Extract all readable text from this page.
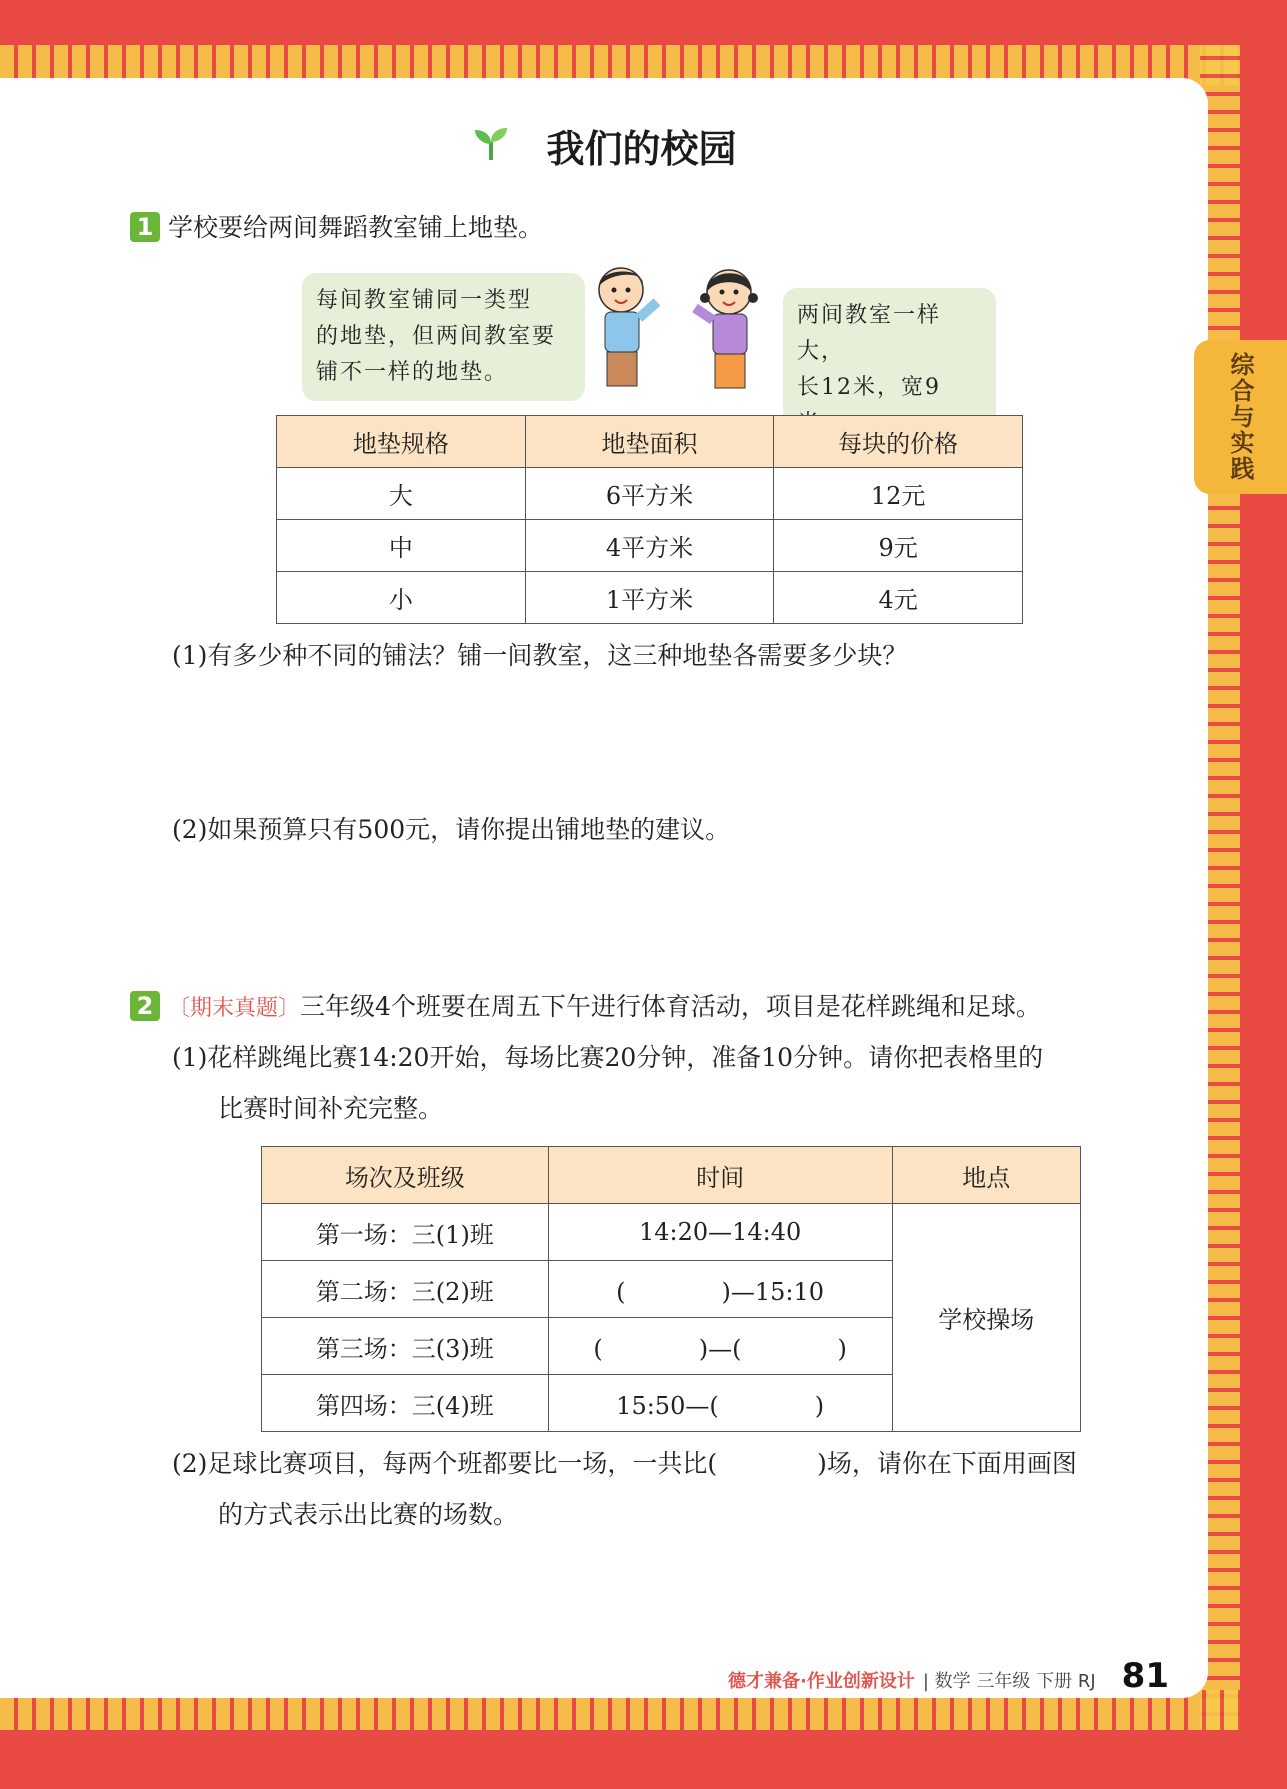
综合与实践
我们的校园
1 学校要给两间舞蹈教室铺上地垫。
每间教室铺同一类型
的地垫，但两间教室要
铺不一样的地垫。
两间教室一样大，
长12米，宽9
地垫规格	地垫面积	每块的价格
大	6平方米	12元
中	4平方米	9元
小	1平方米	4元
(1)有多少种不同的铺法？铺一间教室，这三种地垫各需要多少块？
(2)如果预算只有500元，请你提出铺地垫的建议。
2 〔期末真题〕三年级4个班要在周五下午进行体育活动，项目是花样跳绳和足球。
(1)花样跳绳比赛14:20开始，每场比赛20分钟，准备10分钟。请你把表格里的
比赛时间补充完整。
场次及班级	时间	地点
第一场：三(1)班	14:20—14:40	学校操场
第二场：三(2)班	(　　　　)—15:10	
第三场：三(3)班	(　　　　)—(　　　　)	
第四场：三(4)班	15:50—(　　　　)	
(2)足球比赛项目，每两个班都要比一场，一共比(　　　　)场，请你在下面用画图
的方式表示出比赛的场数。
德才兼备·作业创新设计 | 数学 三年级 下册 RJ 81
